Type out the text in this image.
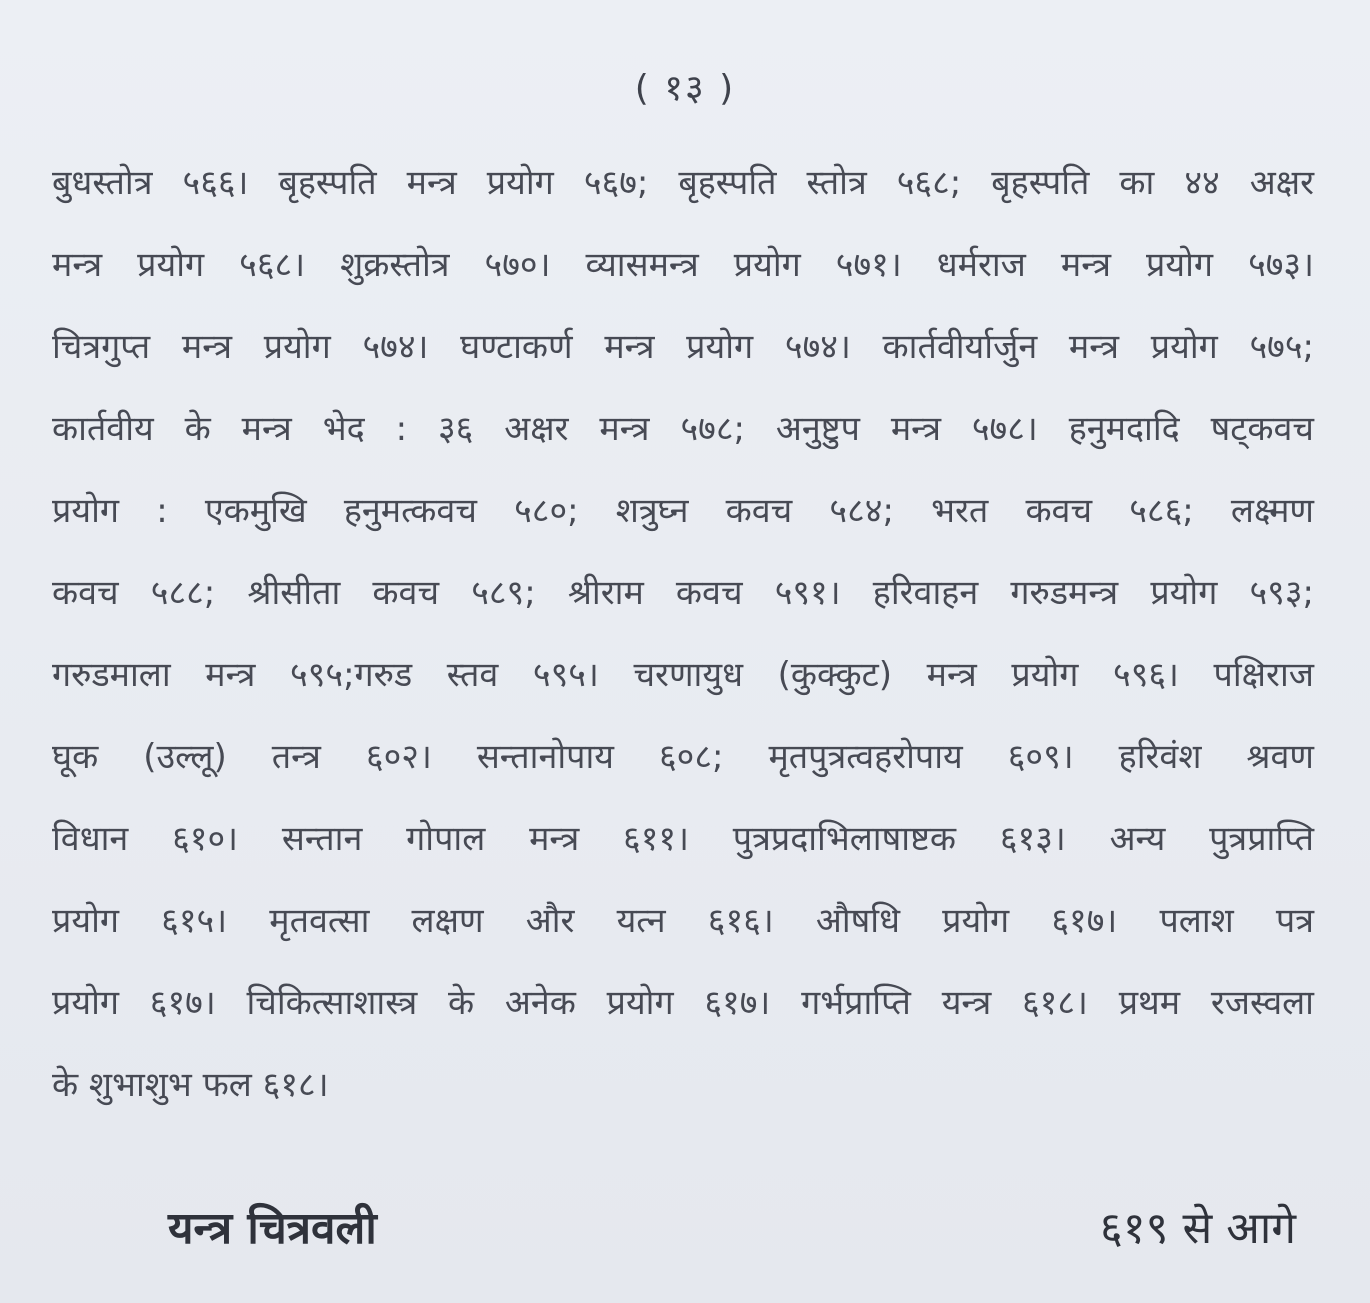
( १३ )
बुधस्तोत्र ५६६। बृहस्पति मन्त्र प्रयोग ५६७; बृहस्पति स्तोत्र ५६८; बृहस्पति का ४४ अक्षर
मन्त्र प्रयोग ५६८। शुक्रस्तोत्र ५७०। व्यासमन्त्र प्रयोग ५७१। धर्मराज मन्त्र प्रयोग ५७३।
चित्रगुप्त मन्त्र प्रयोग ५७४। घण्टाकर्ण मन्त्र प्रयोग ५७४। कार्तवीर्यार्जुन मन्त्र प्रयोग ५७५;
कार्तवीय के मन्त्र भेद : ३६ अक्षर मन्त्र ५७८; अनुष्टुप मन्त्र ५७८। हनुमदादि षट्कवच
प्रयोग : एकमुखि हनुमत्कवच ५८०; शत्रुघ्न कवच ५८४; भरत कवच ५८६; लक्ष्मण
कवच ५८८; श्रीसीता कवच ५८९; श्रीराम कवच ५९१। हरिवाहन गरुडमन्त्र प्रयोग ५९३;
गरुडमाला मन्त्र ५९५;गरुड स्तव ५९५। चरणायुध (कुक्कुट) मन्त्र प्रयोग ५९६। पक्षिराज
घूक (उल्लू) तन्त्र ६०२। सन्तानोपाय ६०८; मृतपुत्रत्वहरोपाय ६०९। हरिवंश श्रवण
विधान ६१०। सन्तान गोपाल मन्त्र ६११। पुत्रप्रदाभिलाषाष्टक ६१३। अन्य पुत्रप्राप्ति
प्रयोग ६१५। मृतवत्सा लक्षण और यत्न ६१६। औषधि प्रयोग ६१७। पलाश पत्र
प्रयोग ६१७। चिकित्साशास्त्र के अनेक प्रयोग ६१७। गर्भप्राप्ति यन्त्र ६१८। प्रथम रजस्वला
के शुभाशुभ फल ६१८।
यन्त्र चित्रवली	६१९ से आगे
